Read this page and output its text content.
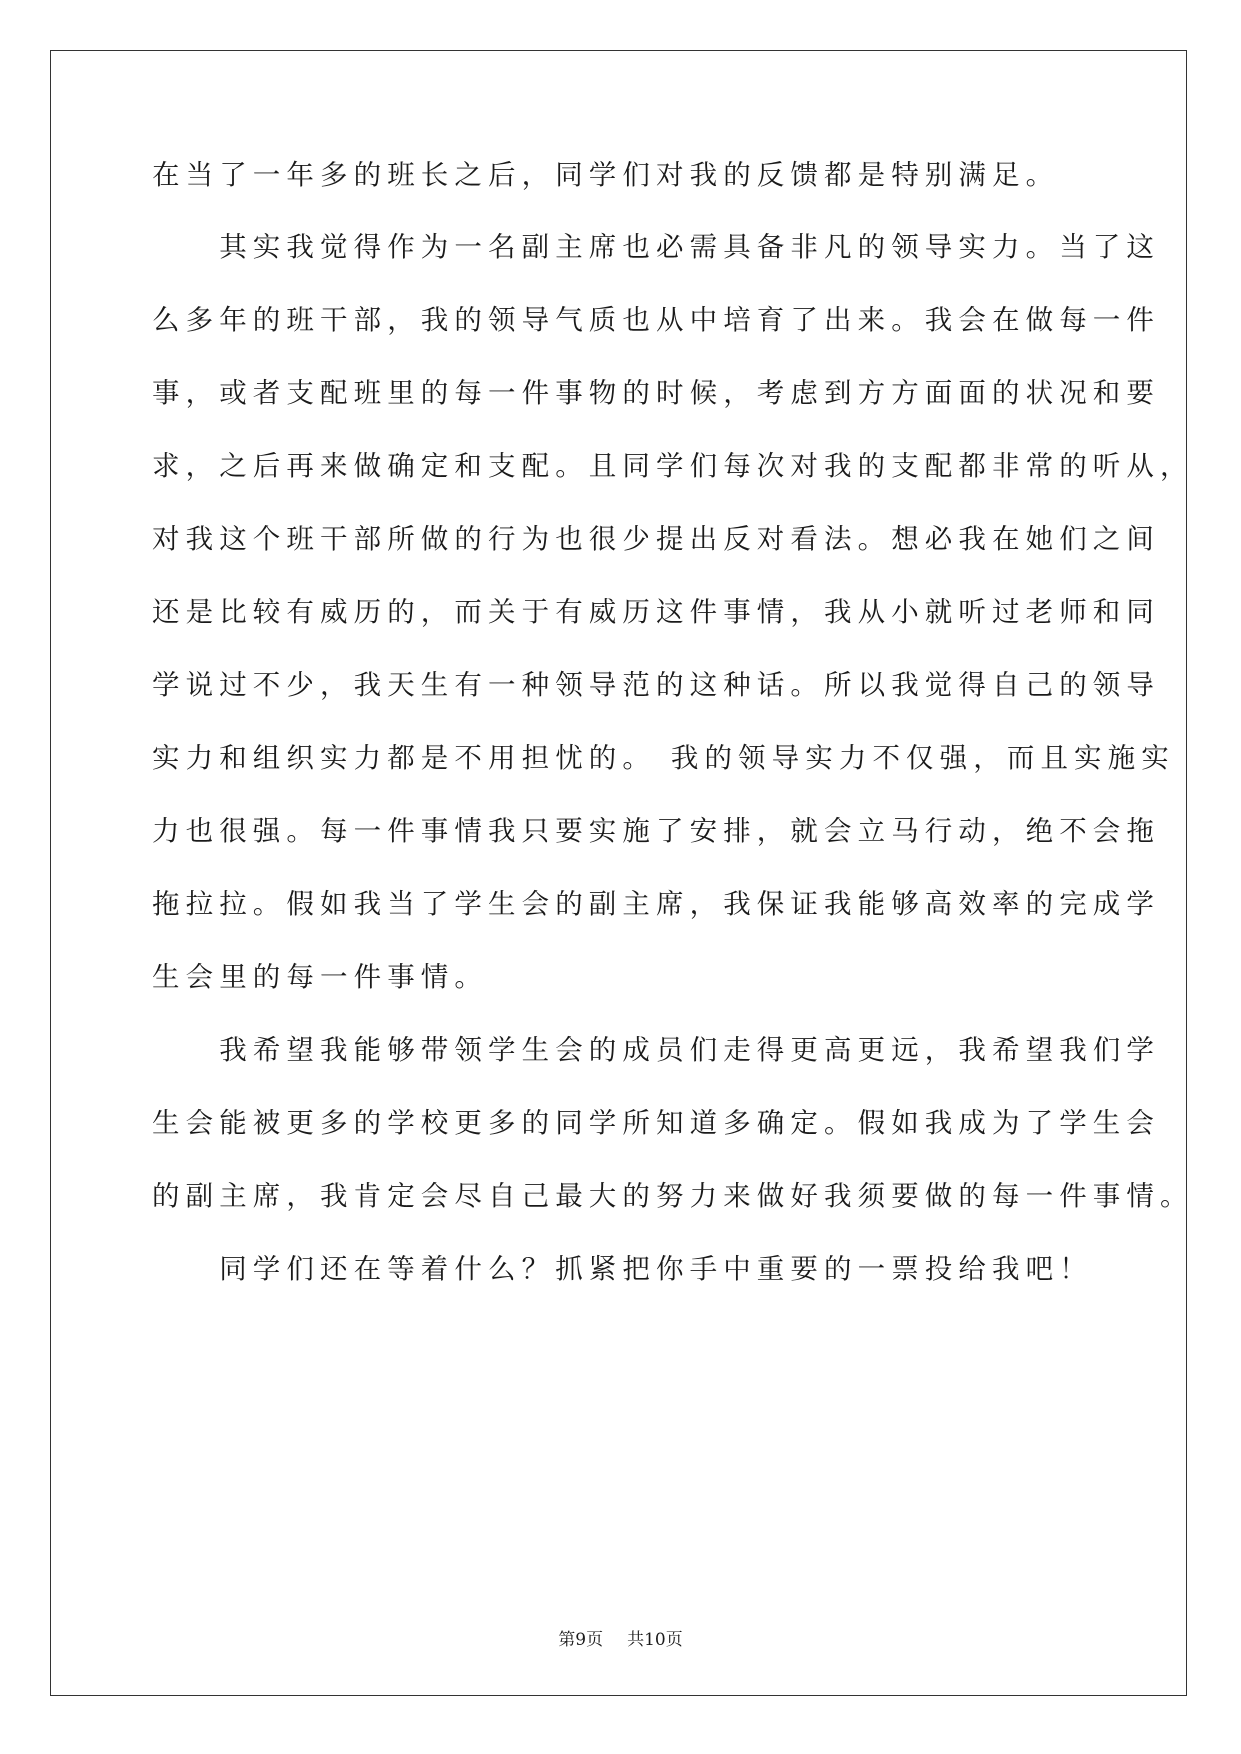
在当了一年多的班长之后，同学们对我的反馈都是特别满足。

　　其实我觉得作为一名副主席也必需具备非凡的领导实力。当了这

么多年的班干部，我的领导气质也从中培育了出来。我会在做每一件

事，或者支配班里的每一件事物的时候，考虑到方方面面的状况和要

求，之后再来做确定和支配。且同学们每次对我的支配都非常的听从，

对我这个班干部所做的行为也很少提出反对看法。想必我在她们之间

还是比较有威历的，而关于有威历这件事情，我从小就听过老师和同

学说过不少，我天生有一种领导范的这种话。所以我觉得自己的领导

实力和组织实力都是不用担忧的。 我的领导实力不仅强，而且实施实

力也很强。每一件事情我只要实施了安排，就会立马行动，绝不会拖

拖拉拉。假如我当了学生会的副主席，我保证我能够高效率的完成学

生会里的每一件事情。

　　我希望我能够带领学生会的成员们走得更高更远，我希望我们学

生会能被更多的学校更多的同学所知道多确定。假如我成为了学生会

的副主席，我肯定会尽自己最大的努力来做好我须要做的每一件事情。

　　同学们还在等着什么？抓紧把你手中重要的一票投给我吧！

第9页 共10页
